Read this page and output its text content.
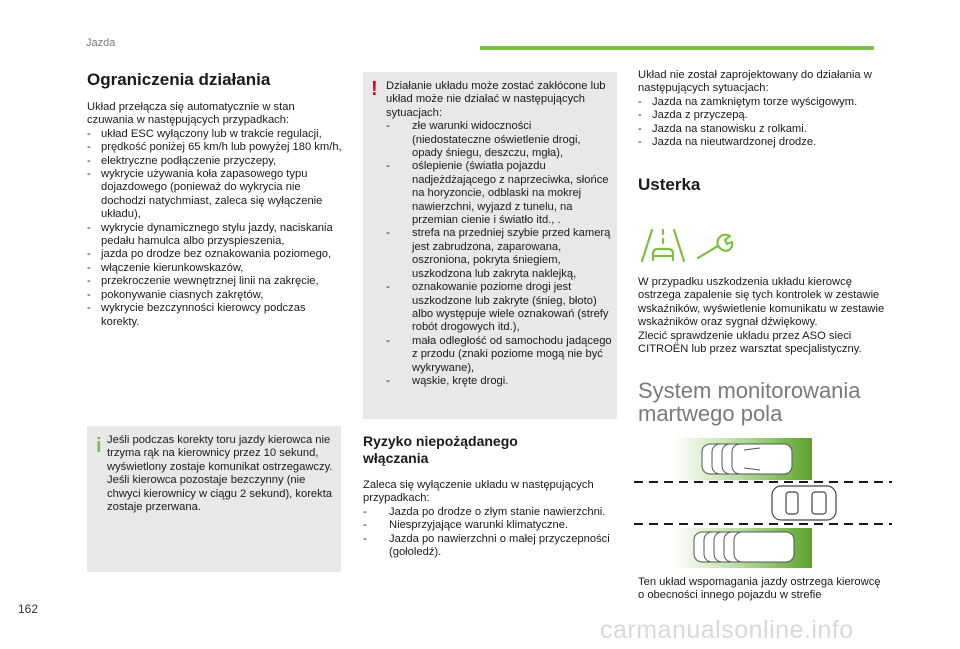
Jazda
Ograniczenia działania

Układ przełącza się automatycznie w stan czuwania w następujących przypadkach:

- układ ESC wyłączony lub w trakcie regulacji,
- prędkość poniżej 65 km/h lub powyżej 180 km/h,
- elektryczne podłączenie przyczepy,
- wykrycie używania koła zapasowego typu dojazdowego (ponieważ do wykrycia nie dochodzi natychmiast, zaleca się wyłączenie układu),
- wykrycie dynamicznego stylu jazdy, naciskania pedału hamulca albo przyspieszenia,
- jazda po drodze bez oznakowania poziomego,
- włączenie kierunkowskazów,
- przekroczenie wewnętrznej linii na zakręcie,
- pokonywanie ciasnych zakrętów,
- wykrycie bezczynności kierowcy podczas korekty.
i Jeśli podczas korekty toru jazdy kierowca nie trzyma rąk na kierownicy przez 10 sekund, wyświetlony zostaje komunikat ostrzegawczy.
Jeśli kierowca pozostaje bezczynny (nie chwyci kierownicy w ciągu 2 sekund), korekta zostaje przerwana.

! Działanie układu może zostać zakłócone lub układ może nie działać w następujących sytuacjach:

- złe warunki widoczności (niedostateczne oświetlenie drogi, opady śniegu, deszczu, mgła),
- oślepienie (światła pojazdu nadjeżdżającego z naprzeciwka, słońce na horyzoncie, odblaski na mokrej nawierzchni, wyjazd z tunelu, na przemian cienie i światło itd., .
- strefa na przedniej szybie przed kamerą jest zabrudzona, zaparowana, oszroniona, pokryta śniegiem, uszkodzona lub zakryta naklejką,
- oznakowanie poziome drogi jest uszkodzone lub zakryte (śnieg, błoto) albo występuje wiele oznakowań (strefy robót drogowych itd.),
- mała odległość od samochodu jadącego z przodu (znaki poziome mogą nie być wykrywane),
- wąskie, kręte drogi.
Ryzyko niepożądanego włączania

Zaleca się wyłączenie układu w następujących przypadkach:

- Jazda po drodze o złym stanie nawierzchni.
- Niesprzyjające warunki klimatyczne.
- Jazda po nawierzchni o małej przyczepności (gołoledź).

Układ nie został zaprojektowany do działania w następujących sytuacjach:

- Jazda na zamkniętym torze wyścigowym.
- Jazda z przyczepą.
- Jazda na stanowisku z rolkami.
- Jazda na nieutwardzonej drodze.
Usterka

W przypadku uszkodzenia układu kierowcę ostrzega zapalenie się tych kontrolek w zestawie wskaźników, wyświetlenie komunikatu w zestawie wskaźników oraz sygnał dźwiękowy.
Zlecić sprawdzenie układu przez ASO sieci CITROËN lub przez warsztat specjalistyczny.

System monitorowania martwego pola

Ten układ wspomagania jazdy ostrzega kierowcę o obecności innego pojazdu w strefie

162
carmanualsonline.info
